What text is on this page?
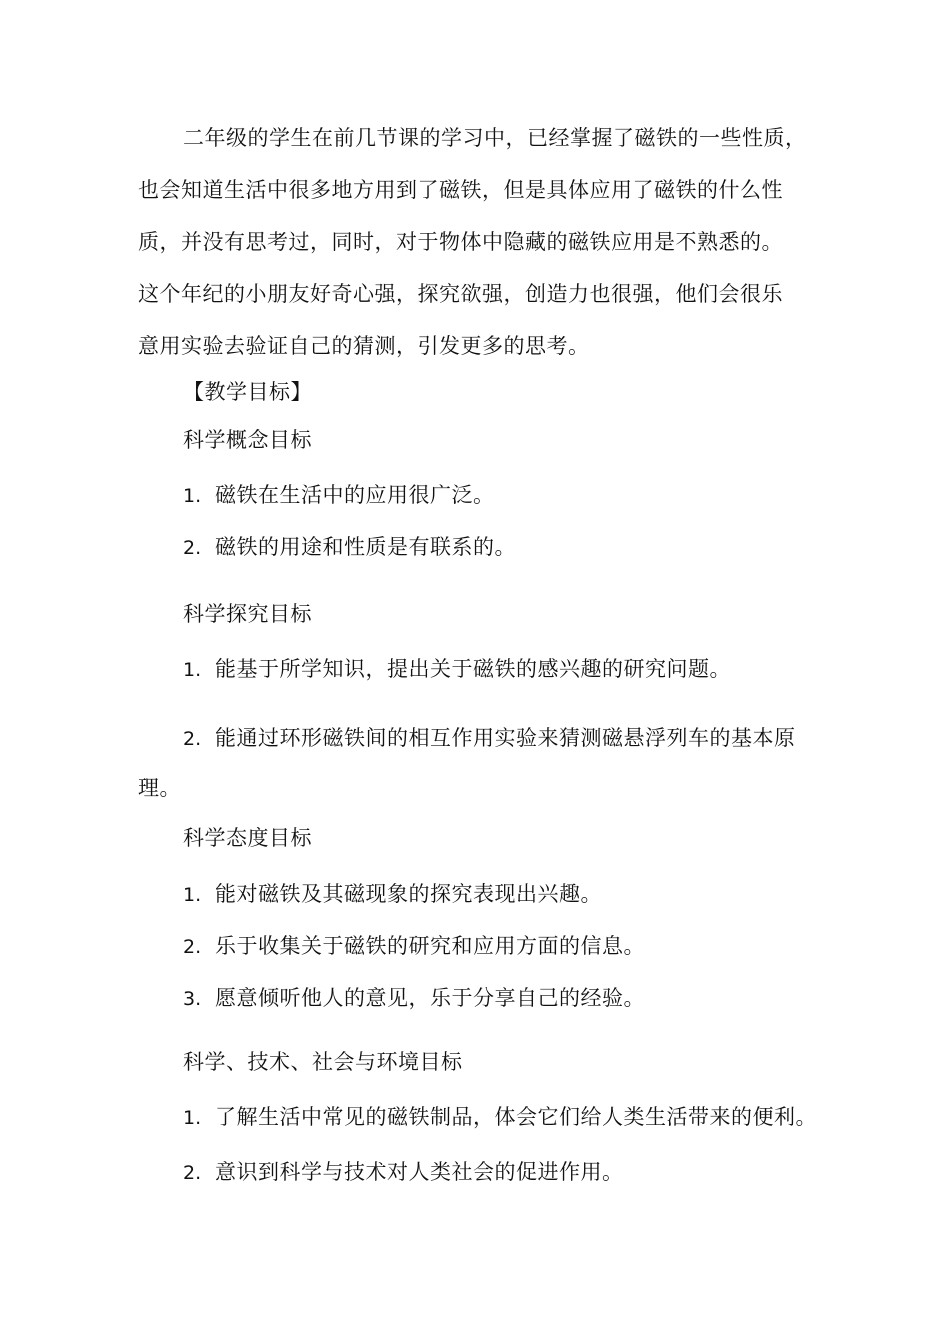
二年级的学生在前几节课的学习中，已经掌握了磁铁的一些性质，
也会知道生活中很多地方用到了磁铁，但是具体应用了磁铁的什么性
质，并没有思考过，同时，对于物体中隐藏的磁铁应用是不熟悉的。
这个年纪的小朋友好奇心强，探究欲强，创造力也很强，他们会很乐
意用实验去验证自己的猜测，引发更多的思考。
【教学目标】
科学概念目标
1. 磁铁在生活中的应用很广泛。
2. 磁铁的用途和性质是有联系的。
科学探究目标
1. 能基于所学知识，提出关于磁铁的感兴趣的研究问题。
2. 能通过环形磁铁间的相互作用实验来猜测磁悬浮列车的基本原
理。
科学态度目标
1. 能对磁铁及其磁现象的探究表现出兴趣。
2. 乐于收集关于磁铁的研究和应用方面的信息。
3. 愿意倾听他人的意见，乐于分享自己的经验。
科学、技术、社会与环境目标
1. 了解生活中常见的磁铁制品，体会它们给人类生活带来的便利。
2. 意识到科学与技术对人类社会的促进作用。
